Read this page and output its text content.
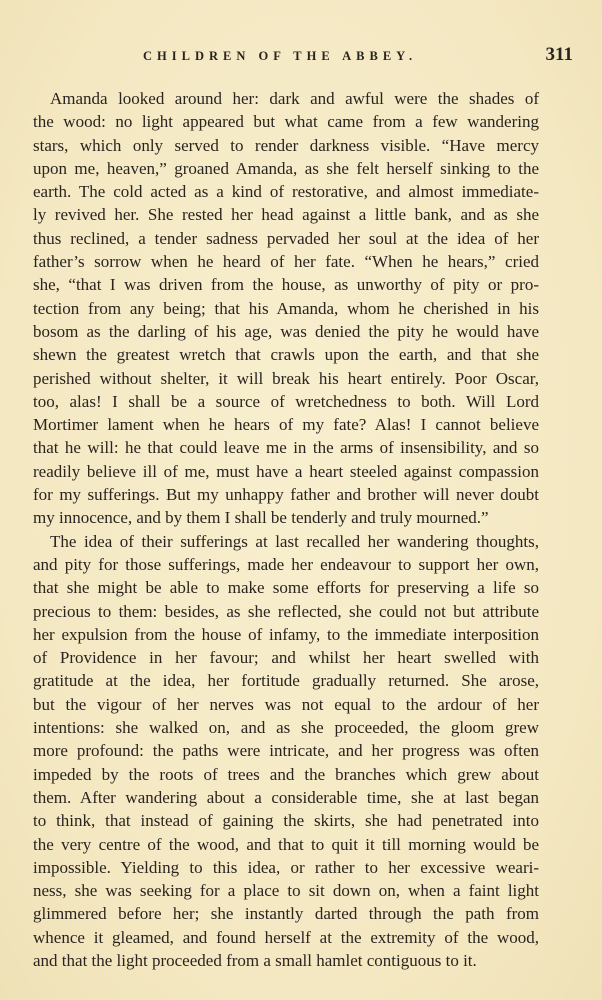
CHILDREN OF THE ABBEY.	311
Amanda looked around her: dark and awful were the shades of
the wood: no light appeared but what came from a few wandering
stars, which only served to render darkness visible. “Have mercy
upon me, heaven,” groaned Amanda, as she felt herself sinking to the
earth. The cold acted as a kind of restorative, and almost immediate-
ly revived her. She rested her head against a little bank, and as she
thus reclined, a tender sadness pervaded her soul at the idea of her
father’s sorrow when he heard of her fate. “When he hears,” cried
she, “that I was driven from the house, as unworthy of pity or pro-
tection from any being; that his Amanda, whom he cherished in his
bosom as the darling of his age, was denied the pity he would have
shewn the greatest wretch that crawls upon the earth, and that she
perished without shelter, it will break his heart entirely. Poor Oscar,
too, alas! I shall be a source of wretchedness to both. Will Lord
Mortimer lament when he hears of my fate? Alas! I cannot believe
that he will: he that could leave me in the arms of insensibility, and so
readily believe ill of me, must have a heart steeled against compassion
for my sufferings. But my unhappy father and brother will never doubt
my innocence, and by them I shall be tenderly and truly mourned.”
The idea of their sufferings at last recalled her wandering thoughts,
and pity for those sufferings, made her endeavour to support her own,
that she might be able to make some efforts for preserving a life so
precious to them: besides, as she reflected, she could not but attribute
her expulsion from the house of infamy, to the immediate interposition
of Providence in her favour; and whilst her heart swelled with
gratitude at the idea, her fortitude gradually returned. She arose,
but the vigour of her nerves was not equal to the ardour of her
intentions: she walked on, and as she proceeded, the gloom grew
more profound: the paths were intricate, and her progress was often
impeded by the roots of trees and the branches which grew about
them. After wandering about a considerable time, she at last began
to think, that instead of gaining the skirts, she had penetrated into
the very centre of the wood, and that to quit it till morning would be
impossible. Yielding to this idea, or rather to her excessive weari-
ness, she was seeking for a place to sit down on, when a faint light
glimmered before her; she instantly darted through the path from
whence it gleamed, and found herself at the extremity of the wood,
and that the light proceeded from a small hamlet contiguous to it.
